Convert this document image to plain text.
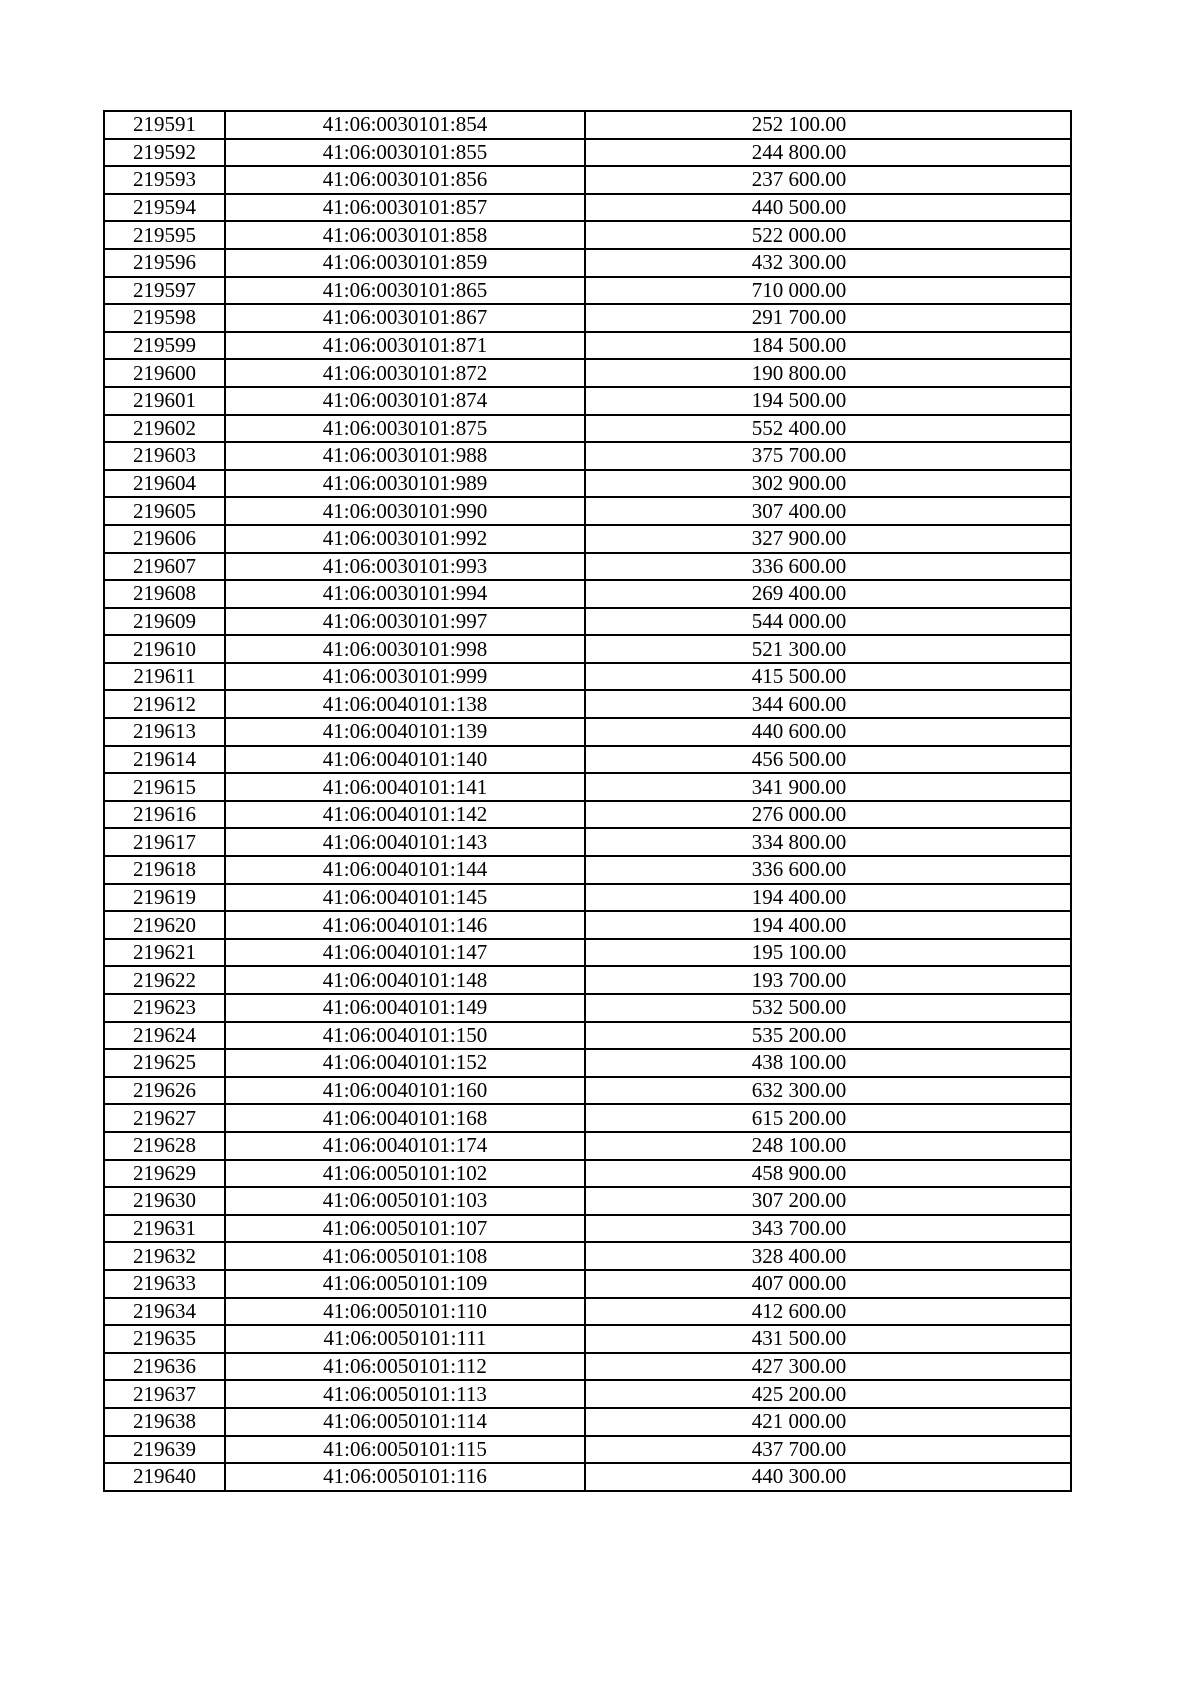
219591	41:06:0030101:854	252 100.00
219592	41:06:0030101:855	244 800.00
219593	41:06:0030101:856	237 600.00
219594	41:06:0030101:857	440 500.00
219595	41:06:0030101:858	522 000.00
219596	41:06:0030101:859	432 300.00
219597	41:06:0030101:865	710 000.00
219598	41:06:0030101:867	291 700.00
219599	41:06:0030101:871	184 500.00
219600	41:06:0030101:872	190 800.00
219601	41:06:0030101:874	194 500.00
219602	41:06:0030101:875	552 400.00
219603	41:06:0030101:988	375 700.00
219604	41:06:0030101:989	302 900.00
219605	41:06:0030101:990	307 400.00
219606	41:06:0030101:992	327 900.00
219607	41:06:0030101:993	336 600.00
219608	41:06:0030101:994	269 400.00
219609	41:06:0030101:997	544 000.00
219610	41:06:0030101:998	521 300.00
219611	41:06:0030101:999	415 500.00
219612	41:06:0040101:138	344 600.00
219613	41:06:0040101:139	440 600.00
219614	41:06:0040101:140	456 500.00
219615	41:06:0040101:141	341 900.00
219616	41:06:0040101:142	276 000.00
219617	41:06:0040101:143	334 800.00
219618	41:06:0040101:144	336 600.00
219619	41:06:0040101:145	194 400.00
219620	41:06:0040101:146	194 400.00
219621	41:06:0040101:147	195 100.00
219622	41:06:0040101:148	193 700.00
219623	41:06:0040101:149	532 500.00
219624	41:06:0040101:150	535 200.00
219625	41:06:0040101:152	438 100.00
219626	41:06:0040101:160	632 300.00
219627	41:06:0040101:168	615 200.00
219628	41:06:0040101:174	248 100.00
219629	41:06:0050101:102	458 900.00
219630	41:06:0050101:103	307 200.00
219631	41:06:0050101:107	343 700.00
219632	41:06:0050101:108	328 400.00
219633	41:06:0050101:109	407 000.00
219634	41:06:0050101:110	412 600.00
219635	41:06:0050101:111	431 500.00
219636	41:06:0050101:112	427 300.00
219637	41:06:0050101:113	425 200.00
219638	41:06:0050101:114	421 000.00
219639	41:06:0050101:115	437 700.00
219640	41:06:0050101:116	440 300.00
